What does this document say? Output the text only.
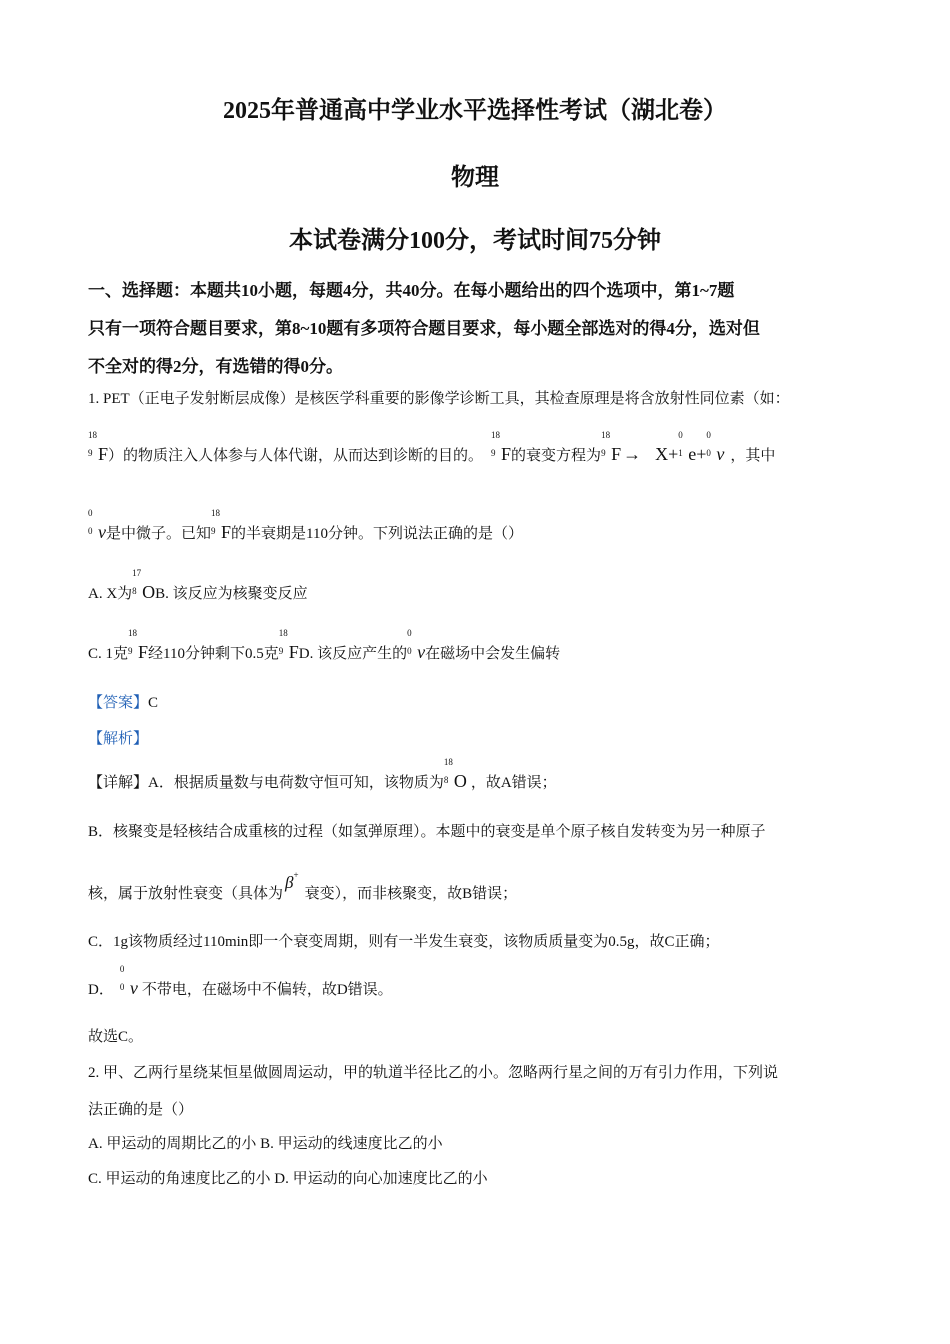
2025年普通高中学业水平选择性考试（湖北卷）
物理
本试卷满分100分，考试时间75分钟
一、选择题：本题共10小题，每题4分，共40分。在每小题给出的四个选项中，第1~7题
只有一项符合题目要求，第8~10题有多项符合题目要求，每小题全部选对的得4分，选对但
不全对的得2分，有选错的得0分。
1. PET（正电子发射断层成像）是核医学科重要的影像学诊断工具，其检查原理是将含放射性同位素（如：
18
9 F）的物质注入人体参与人体代谢，从而达到诊断的目的。
18
9 F的衰变方程为
18
9 F → X+
0
1 e+
0
0 ν ，其中
0
0 ν是中微子。已知
18
9 F的半衰期是110分钟。下列说法正确的是（）
A. X为
17
8 OB. 该反应为核聚变反应
C. 1克
18
9 F经110分钟剩下0.5克
18
9 FD. 该反应产生的
0
0 ν在磁场中会发生偏转
【答案】C
【解析】
【详解】A．根据质量数与电荷数守恒可知，该物质为
18
8 O ，故A错误；
B．核聚变是轻核结合成重核的过程（如氢弹原理）。本题中的衰变是单个原子核自发转变为另一种原子
核，属于放射性衰变（具体为β+衰变），而非核聚变，故B错误；
C．1g该物质经过110min即一个衰变周期，则有一半发生衰变，该物质质量变为0.5g，故C正确；
D．
0
0 ν 不带电，在磁场中不偏转，故D错误。
故选C。
2. 甲、乙两行星绕某恒星做圆周运动，甲的轨道半径比乙的小。忽略两行星之间的万有引力作用，下列说
法正确的是（）
A. 甲运动的周期比乙的小 B. 甲运动的线速度比乙的小
C. 甲运动的角速度比乙的小 D. 甲运动的向心加速度比乙的小
